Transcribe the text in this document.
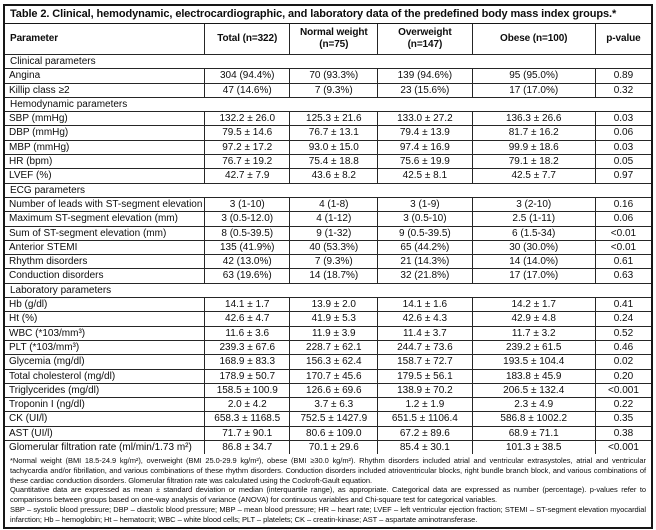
Table 2. Clinical, hemodynamic, electrocardiographic, and laboratory data of the predefined body mass index groups.*
Parameter	Total (n=322)	Normal weight (n=75)	Overweight (n=147)	Obese (n=100)	p-value
Clinical parameters					
Angina	304 (94.4%)	70 (93.3%)	139 (94.6%)	95 (95.0%)	0.89
Killip class ≥2	47 (14.6%)	7 (9.3%)	23 (15.6%)	17 (17.0%)	0.32
Hemodynamic parameters					
SBP (mmHg)	132.2 ± 26.0	125.3 ± 21.6	133.0 ± 27.2	136.3 ± 26.6	0.03
DBP (mmHg)	79.5 ± 14.6	76.7 ± 13.1	79.4 ± 13.9	81.7 ± 16.2	0.06
MBP (mmHg)	97.2 ± 17.2	93.0 ± 15.0	97.4 ± 16.9	99.9 ± 18.6	0.03
HR (bpm)	76.7 ± 19.2	75.4 ± 18.8	75.6 ± 19.9	79.1 ± 18.2	0.05
LVEF (%)	42.7 ± 7.9	43.6 ± 8.2	42.5 ± 8.1	42.5 ± 7.7	0.97
ECG parameters					
Number of leads with ST-segment elevation	3 (1-10)	4 (1-8)	3 (1-9)	3 (2-10)	0.16
Maximum ST-segment elevation (mm)	3 (0.5-12.0)	4 (1-12)	3 (0.5-10)	2.5 (1-11)	0.06
Sum of ST-segment elevation (mm)	8 (0.5-39.5)	9 (1-32)	9 (0.5-39.5)	6 (1.5-34)	<0.01
Anterior STEMI	135 (41.9%)	40 (53.3%)	65 (44.2%)	30 (30.0%)	<0.01
Rhythm disorders	42 (13.0%)	7 (9.3%)	21 (14.3%)	14 (14.0%)	0.61
Conduction disorders	63 (19.6%)	14 (18.7%)	32 (21.8%)	17 (17.0%)	0.63
Laboratory parameters					
Hb (g/dl)	14.1 ± 1.7	13.9 ± 2.0	14.1 ± 1.6	14.2 ± 1.7	0.41
Ht (%)	42.6 ± 4.7	41.9 ± 5.3	42.6 ± 4.3	42.9 ± 4.8	0.24
WBC (*103/mm³)	11.6 ± 3.6	11.9 ± 3.9	11.4 ± 3.7	11.7 ± 3.2	0.52
PLT (*103/mm³)	239.3 ± 67.6	228.7 ± 62.1	244.7 ± 73.6	239.2 ± 61.5	0.46
Glycemia (mg/dl)	168.9 ± 83.3	156.3 ± 62.4	158.7 ± 72.7	193.5 ± 104.4	0.02
Total cholesterol (mg/dl)	178.9 ± 50.7	170.7 ± 45.6	179.5 ± 56.1	183.8 ± 45.9	0.20
Triglycerides (mg/dl)	158.5 ± 100.9	126.6 ± 69.6	138.9 ± 70.2	206.5 ± 132.4	<0.001
Troponin I (ng/dl)	2.0 ± 4.2	3.7 ± 6.3	1.2 ± 1.9	2.3 ± 4.9	0.22
CK (UI/l)	658.3 ± 1168.5	752.5 ± 1427.9	651.5 ± 1106.4	586.8 ± 1002.2	0.35
AST (UI/l)	71.7 ± 90.1	80.6 ± 109.0	67.2 ± 89.6	68.9 ± 71.1	0.38
Glomerular filtration rate (ml/min/1.73 m²)	86.8 ± 34.7	70.1 ± 29.6	85.4 ± 30.1	101.3 ± 38.5	<0.001

*Normal weight (BMI 18.5-24.9 kg/m²), overweight (BMI 25.0-29.9 kg/m²), obese (BMI ≥30.0 kg/m²). Rhythm disorders included atrial and ventricular extrasystoles, atrial and ventricular tachycardia and/or fibrillation, and various combinations of these rhythm disorders. Conduction disorders included atrioventricular blocks, right bundle branch block, and various combinations of these cardiac conduction disorders. Glomerular filtration rate was calculated using the Cockroft-Gault equation.

Quantitative data are expressed as mean ± standard deviation or median (interquartile range), as appropriate. Categorical data are expressed as number (percentage). p-values refer to comparisons between groups based on one-way analysis of variance (ANOVA) for continuous variables and Chi-square test for categorical variables.

SBP – systolic blood pressure; DBP – diastolic blood pressure; MBP – mean blood pressure; HR – heart rate; LVEF – left ventricular ejection fraction; STEMI – ST-segment elevation myocardial infarction; Hb – hemoglobin; Ht – hematocrit; WBC – white blood cells; PLT – platelets; CK – creatin-kinase; AST – aspartate aminotransferase.
